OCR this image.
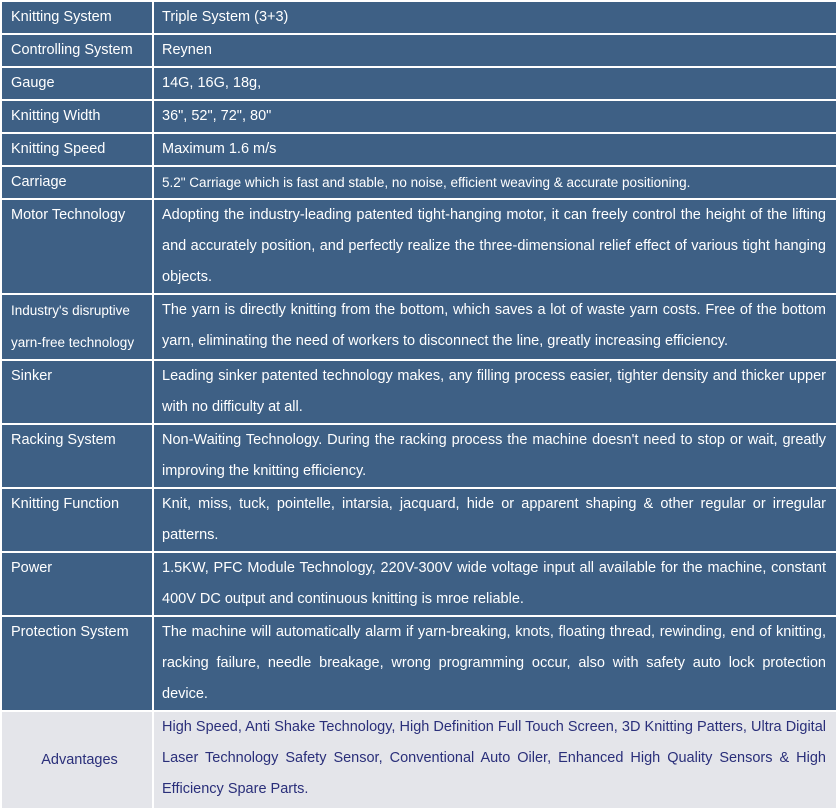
Knitting System	Triple System (3+3)
Controlling System	Reynen
Gauge	14G, 16G, 18g,
Knitting Width	36", 52", 72", 80"
Knitting Speed	Maximum 1.6 m/s
Carriage	5.2" Carriage which is fast and stable, no noise, efficient weaving & accurate positioning.
Motor Technology	Adopting the industry-leading patented tight-hanging motor, it can freely control the height of the lifting and accurately position, and perfectly realize the three-dimensional relief effect of various tight hanging objects.
Industry's disruptive yarn-free technology	The yarn is directly knitting from the bottom, which saves a lot of waste yarn costs. Free of the bottom yarn, eliminating the need of workers to disconnect the line, greatly increasing efficiency.
Sinker	Leading sinker patented technology makes, any filling process easier, tighter density and thicker upper with no difficulty at all.
Racking System	Non-Waiting Technology. During the racking process the machine doesn't need to stop or wait, greatly improving the knitting efficiency.
Knitting Function	Knit, miss, tuck, pointelle, intarsia, jacquard, hide or apparent shaping & other regular or irregular patterns.
Power	1.5KW, PFC Module Technology, 220V-300V wide voltage input all available for the machine, constant 400V DC output and continuous knitting is mroe reliable.
Protection System	The machine will automatically alarm if yarn-breaking, knots, floating thread, rewinding, end of knitting, racking failure, needle breakage, wrong programming occur, also with safety auto lock protection device.
Advantages	High Speed, Anti Shake Technology, High Definition Full Touch Screen, 3D Knitting Patters, Ultra Digital Laser Technology Safety Sensor, Conventional Auto Oiler, Enhanced High Quality Sensors & High Efficiency Spare Parts.
